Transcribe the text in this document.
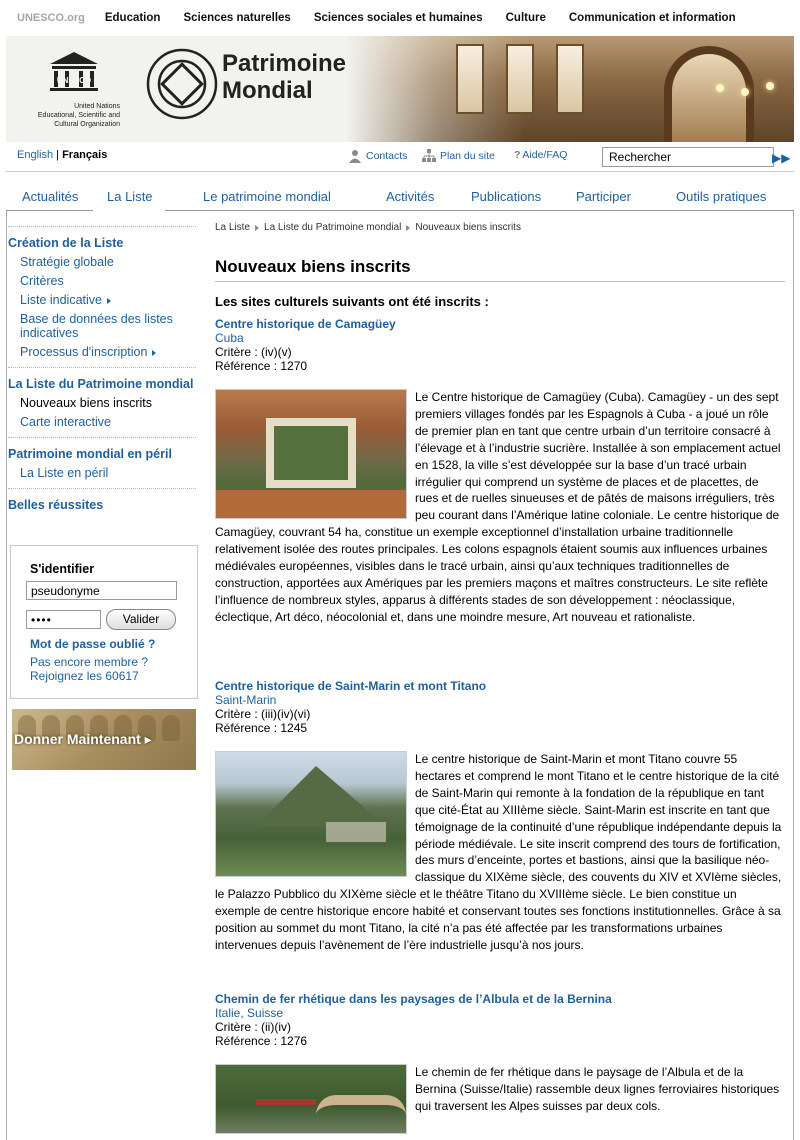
UNESCO.org Education Sciences naturelles Sciences sociales et humaines Culture Communication et information
UNESCO
United Nations
Educational, Scientific and
Cultural Organization
Patrimoine
Mondial
English | Français	Contacts	Plan du site ? Aide/FAQ	Rechercher	▶▶
Actualités La Liste	Le patrimoine mondial	Activités	Publications	Participer	Outils pratiques
Création de la Liste
Stratégie globale
Critères
Liste indicative
Base de données des listes indicatives
Processus d'inscription
La Liste du Patrimoine mondial
Nouveaux biens inscrits
Carte interactive
Patrimoine mondial en péril
La Liste en péril
Belles réussites
S'identifier
pseudonyme
••••	Valider
Mot de passe oublié ?
Pas encore membre ?
Rejoignez les 60617
Donner Maintenant ▸
La Liste La Liste du Patrimoine mondial Nouveaux biens inscrits
Nouveaux biens inscrits
Les sites culturels suivants ont été inscrits :
Centre historique de Camagüey
Cuba
Critère : (iv)(v)
Référence : 1270
Le Centre historique de Camagüey (Cuba). Camagüey - un des sept premiers villages fondés par les Espagnols à Cuba - a joué un rôle de premier plan en tant que centre urbain d’un territoire consacré à l’élevage et à l’industrie sucrière. Installée à son emplacement actuel en 1528, la ville s’est développée sur la base d’un tracé urbain irrégulier qui comprend un système de places et de placettes, de rues et de ruelles sinueuses et de pâtés de maisons irréguliers, très peu courant dans l’Amérique latine coloniale. Le centre historique de Camagüey, couvrant 54 ha, constitue un exemple exceptionnel d’installation urbaine traditionnelle relativement isolée des routes principales. Les colons espagnols étaient soumis aux influences urbaines médiévales européennes, visibles dans le tracé urbain, ainsi qu’aux techniques traditionnelles de construction, apportées aux Amériques par les premiers maçons et maîtres constructeurs. Le site reflète l’influence de nombreux styles, apparus à différents stades de son développement : néoclassique, éclectique, Art déco, néocolonial et, dans une moindre mesure, Art nouveau et rationaliste.
Centre historique de Saint-Marin et mont Titano
Saint-Marin
Critère : (iii)(iv)(vi)
Référence : 1245
Le centre historique de Saint-Marin et mont Titano couvre 55 hectares et comprend le mont Titano et le centre historique de la cité de Saint-Marin qui remonte à la fondation de la république en tant que cité-État au XIIIème siècle. Saint-Marin est inscrite en tant que témoignage de la continuité d’une république indépendante depuis la période médiévale. Le site inscrit comprend des tours de fortification, des murs d’enceinte, portes et bastions, ainsi que la basilique néo-classique du XIXème siècle, des couvents du XIV et XVIème siècles, le Palazzo Pubblico du XIXème siècle et le théâtre Titano du XVIIIème siècle. Le bien constitue un exemple de centre historique encore habité et conservant toutes ses fonctions institutionnelles. Grâce à sa position au sommet du mont Titano, la cité n’a pas été affectée par les transformations urbaines intervenues depuis l’avènement de l’ère industrielle jusqu’à nos jours.
Chemin de fer rhétique dans les paysages de l’Albula et de la Bernina
Italie, Suisse
Critère : (ii)(iv)
Référence : 1276
Le chemin de fer rhétique dans le paysage de l’Albula et de la Bernina (Suisse/Italie) rassemble deux lignes ferroviaires historiques qui traversent les Alpes suisses par deux cols.
